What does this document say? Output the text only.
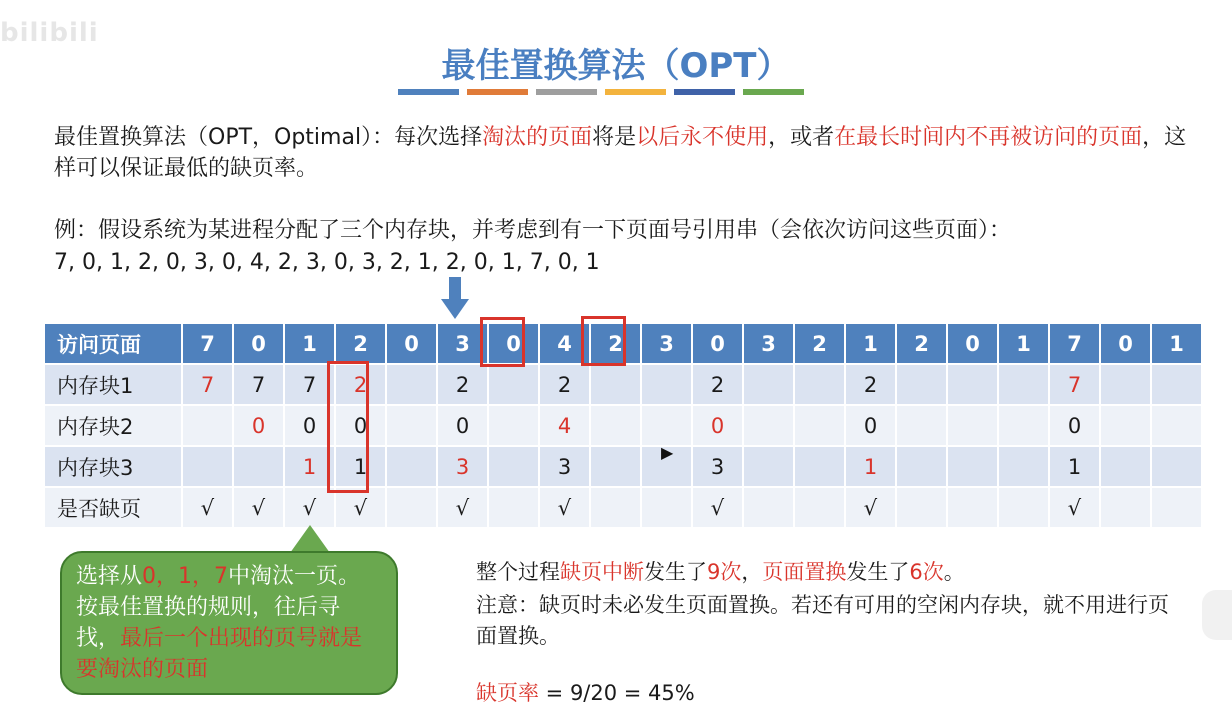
bilibili
最佳置换算法（OPT）
最佳置换算法（OPT，Optimal）：每次选择淘汰的页面将是以后永不使用，或者在最长时间内不再被访问的页面，这样可以保证最低的缺页率。
例：假设系统为某进程分配了三个内存块，并考虑到有一下页面号引用串（会依次访问这些页面）：
7, 0, 1, 2, 0, 3, 0, 4, 2, 3, 0, 3, 2, 1, 2, 0, 1, 7, 0, 1
访问页面	7	0	1	2	0	3	0	4	2	3	0	3	2	1	2	0	1	7	0	1
内存块1	7	7	7	2		2		2			2			2				7		
内存块2		0	0	0		0		4			0			0				0		
内存块3			1	1		3		3			3			1				1		
是否缺页	√	√	√	√		√		√			√			√				√		
选择从0，1，7中淘汰一页。按最佳置换的规则，往后寻找，最后一个出现的页号就是要淘汰的页面
整个过程缺页中断发生了9次，页面置换发生了6次。
注意：缺页时未必发生页面置换。若还有可用的空闲内存块，就不用进行页面置换。
缺页率 = 9/20 = 45%
▶
